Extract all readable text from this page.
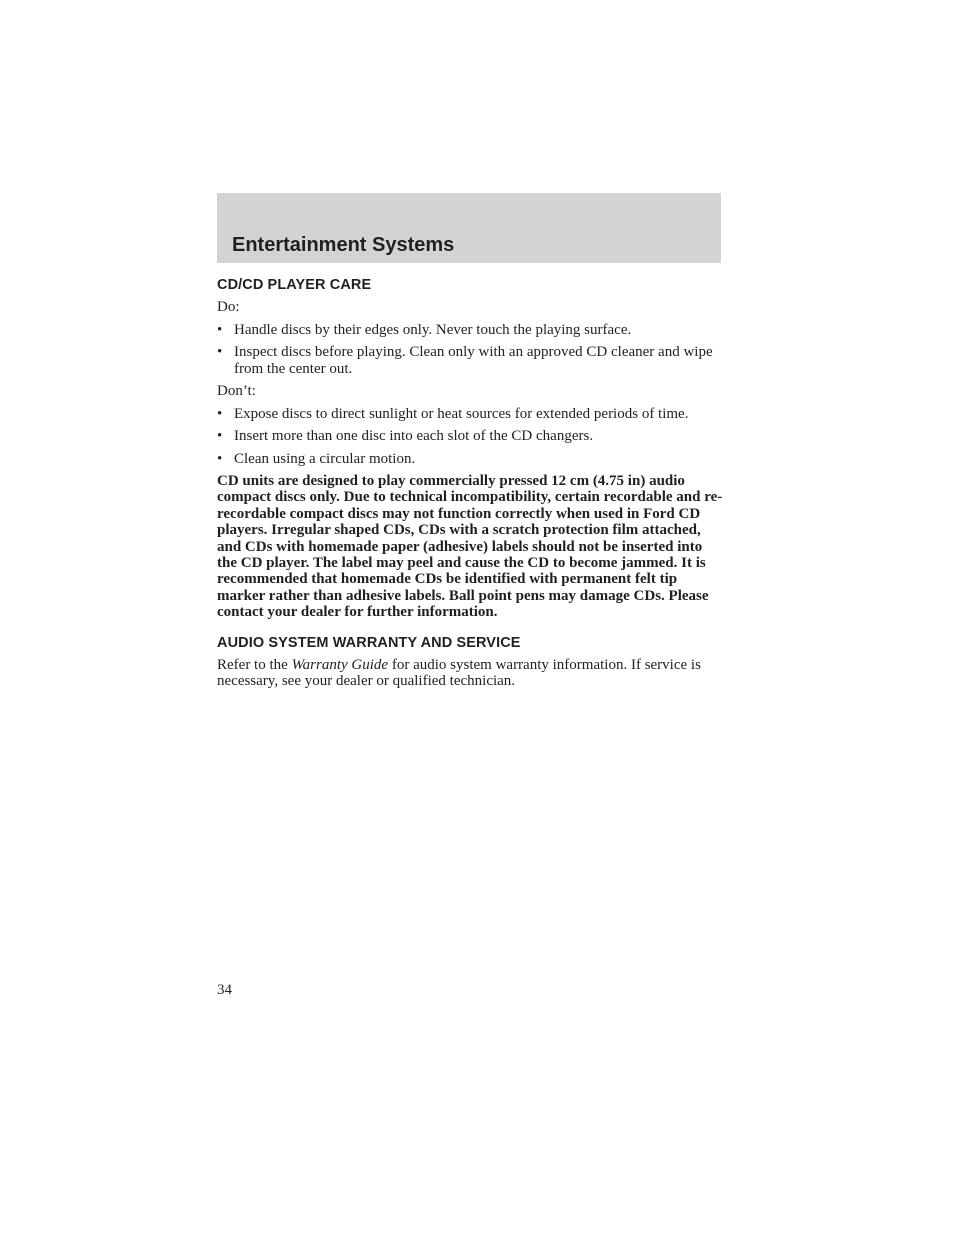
Entertainment Systems
CD/CD PLAYER CARE
Do:
• Handle discs by their edges only. Never touch the playing surface.
• Inspect discs before playing. Clean only with an approved CD cleaner and wipe from the center out.
Don’t:
• Expose discs to direct sunlight or heat sources for extended periods of time.
• Insert more than one disc into each slot of the CD changers.
• Clean using a circular motion.
CD units are designed to play commercially pressed 12 cm (4.75 in) audio compact discs only. Due to technical incompatibility, certain recordable and re-recordable compact discs may not function correctly when used in Ford CD players. Irregular shaped CDs, CDs with a scratch protection film attached, and CDs with homemade paper (adhesive) labels should not be inserted into the CD player. The label may peel and cause the CD to become jammed. It is recommended that homemade CDs be identified with permanent felt tip marker rather than adhesive labels. Ball point pens may damage CDs. Please contact your dealer for further information.
AUDIO SYSTEM WARRANTY AND SERVICE
Refer to the Warranty Guide for audio system warranty information. If service is necessary, see your dealer or qualified technician.
34
